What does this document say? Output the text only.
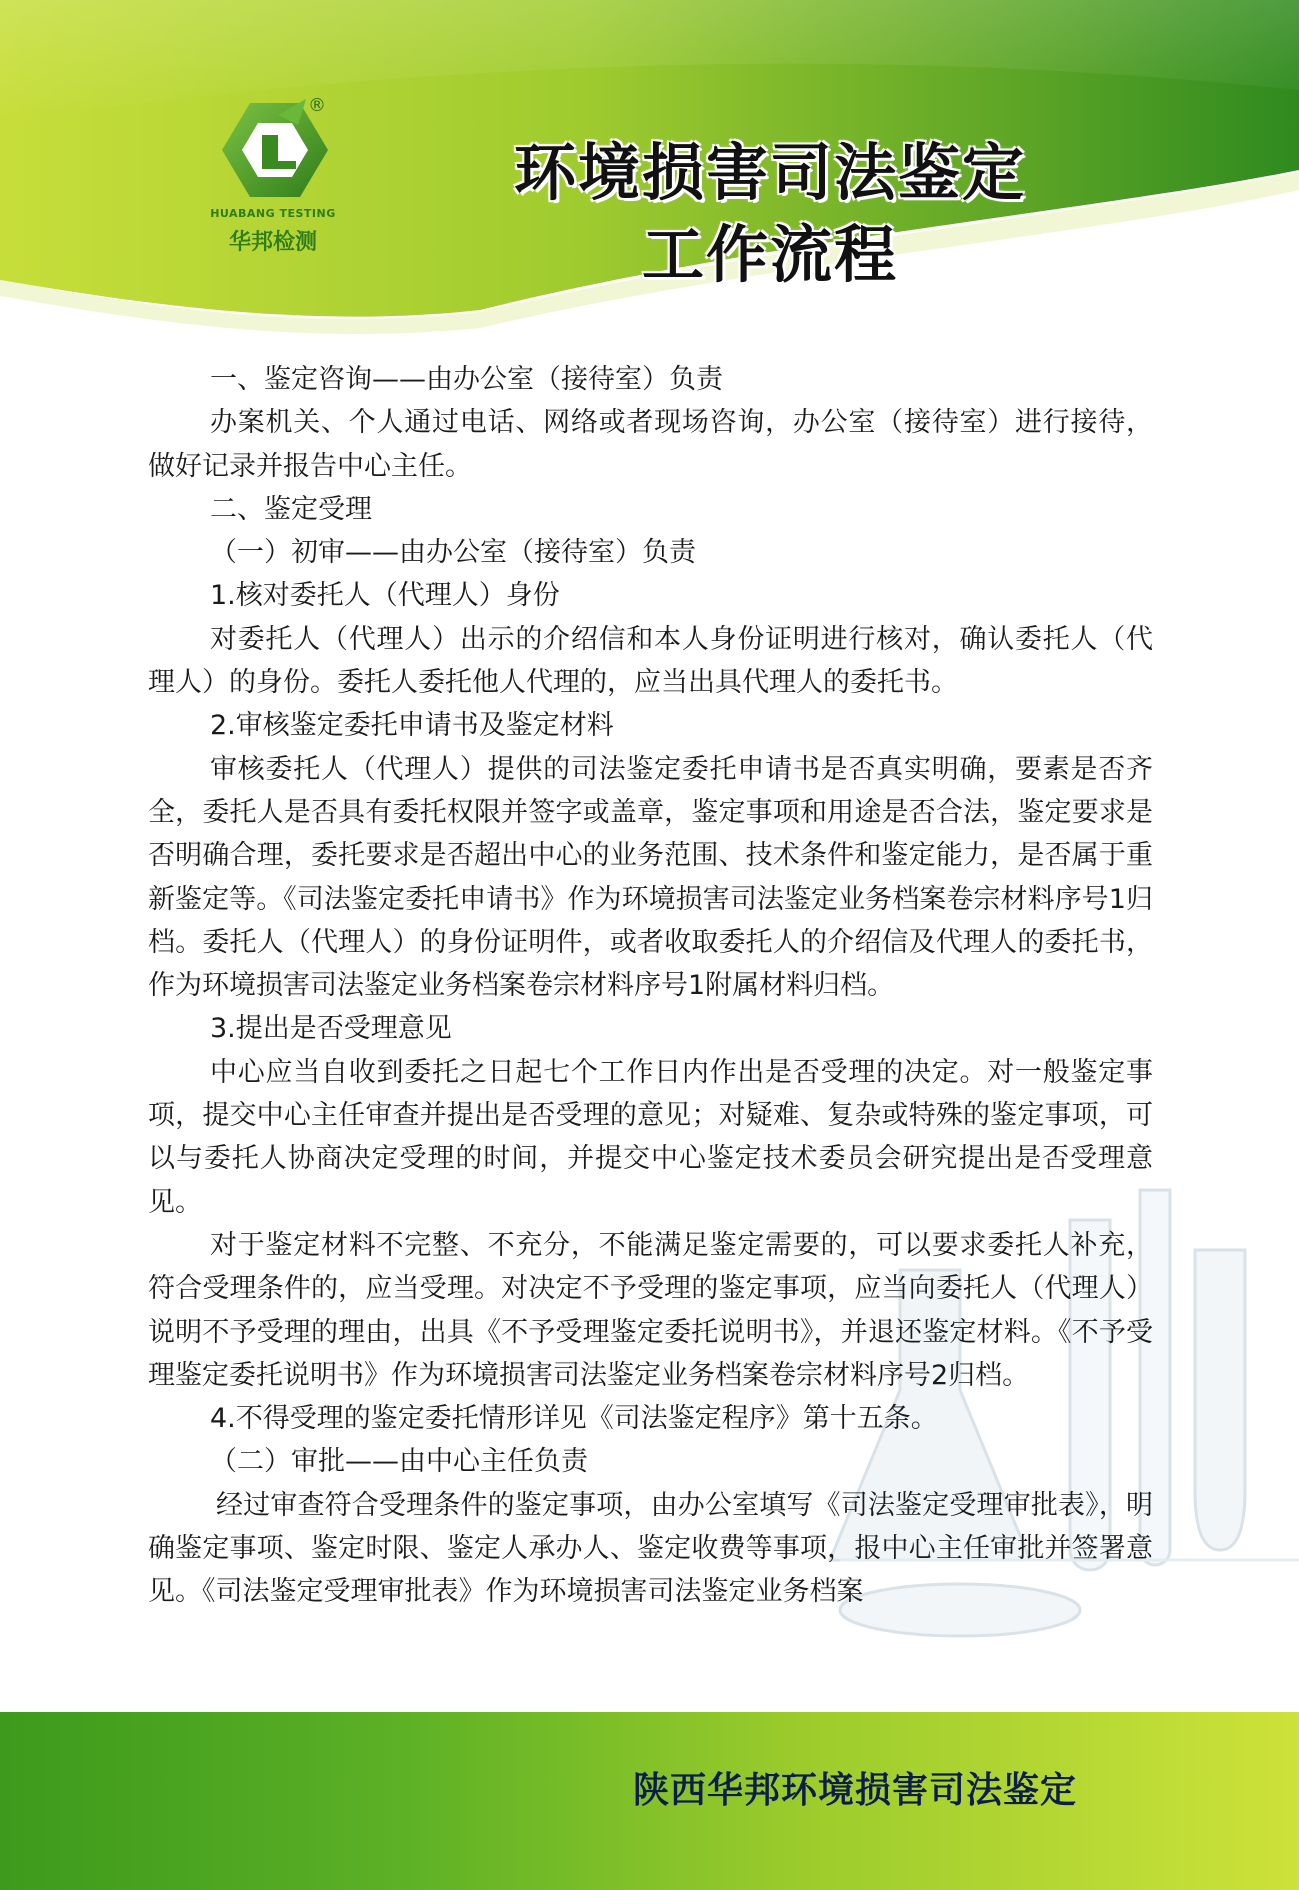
®
HUABANG TESTING
华邦检测
环境损害司法鉴定
工作流程

一、鉴定咨询——由办公室（接待室）负责

办案机关、个人通过电话、网络或者现场咨询，办公室（接待室）进行接待，做好记录并报告中心主任。

二、鉴定受理

（一）初审——由办公室（接待室）负责

1.核对委托人（代理人）身份

对委托人（代理人）出示的介绍信和本人身份证明进行核对，确认委托人（代理人）的身份。委托人委托他人代理的，应当出具代理人的委托书。

2.审核鉴定委托申请书及鉴定材料

审核委托人（代理人）提供的司法鉴定委托申请书是否真实明确，要素是否齐全，委托人是否具有委托权限并签字或盖章，鉴定事项和用途是否合法，鉴定要求是否明确合理，委托要求是否超出中心的业务范围、技术条件和鉴定能力，是否属于重新鉴定等。《司法鉴定委托申请书》作为环境损害司法鉴定业务档案卷宗材料序号1归档。委托人（代理人）的身份证明件，或者收取委托人的介绍信及代理人的委托书，作为环境损害司法鉴定业务档案卷宗材料序号1附属材料归档。

3.提出是否受理意见

中心应当自收到委托之日起七个工作日内作出是否受理的决定。对一般鉴定事项，提交中心主任审查并提出是否受理的意见；对疑难、复杂或特殊的鉴定事项，可以与委托人协商决定受理的时间，并提交中心鉴定技术委员会研究提出是否受理意见。

对于鉴定材料不完整、不充分，不能满足鉴定需要的，可以要求委托人补充，符合受理条件的，应当受理。对决定不予受理的鉴定事项，应当向委托人（代理人）说明不予受理的理由，出具《不予受理鉴定委托说明书》，并退还鉴定材料。《不予受理鉴定委托说明书》作为环境损害司法鉴定业务档案卷宗材料序号2归档。

4.不得受理的鉴定委托情形详见《司法鉴定程序》第十五条。

（二）审批——由中心主任负责

经过审查符合受理条件的鉴定事项，由办公室填写《司法鉴定受理审批表》，明确鉴定事项、鉴定时限、鉴定人承办人、鉴定收费等事项，报中心主任审批并签署意见。《司法鉴定受理审批表》作为环境损害司法鉴定业务档案

陕西华邦环境损害司法鉴定
